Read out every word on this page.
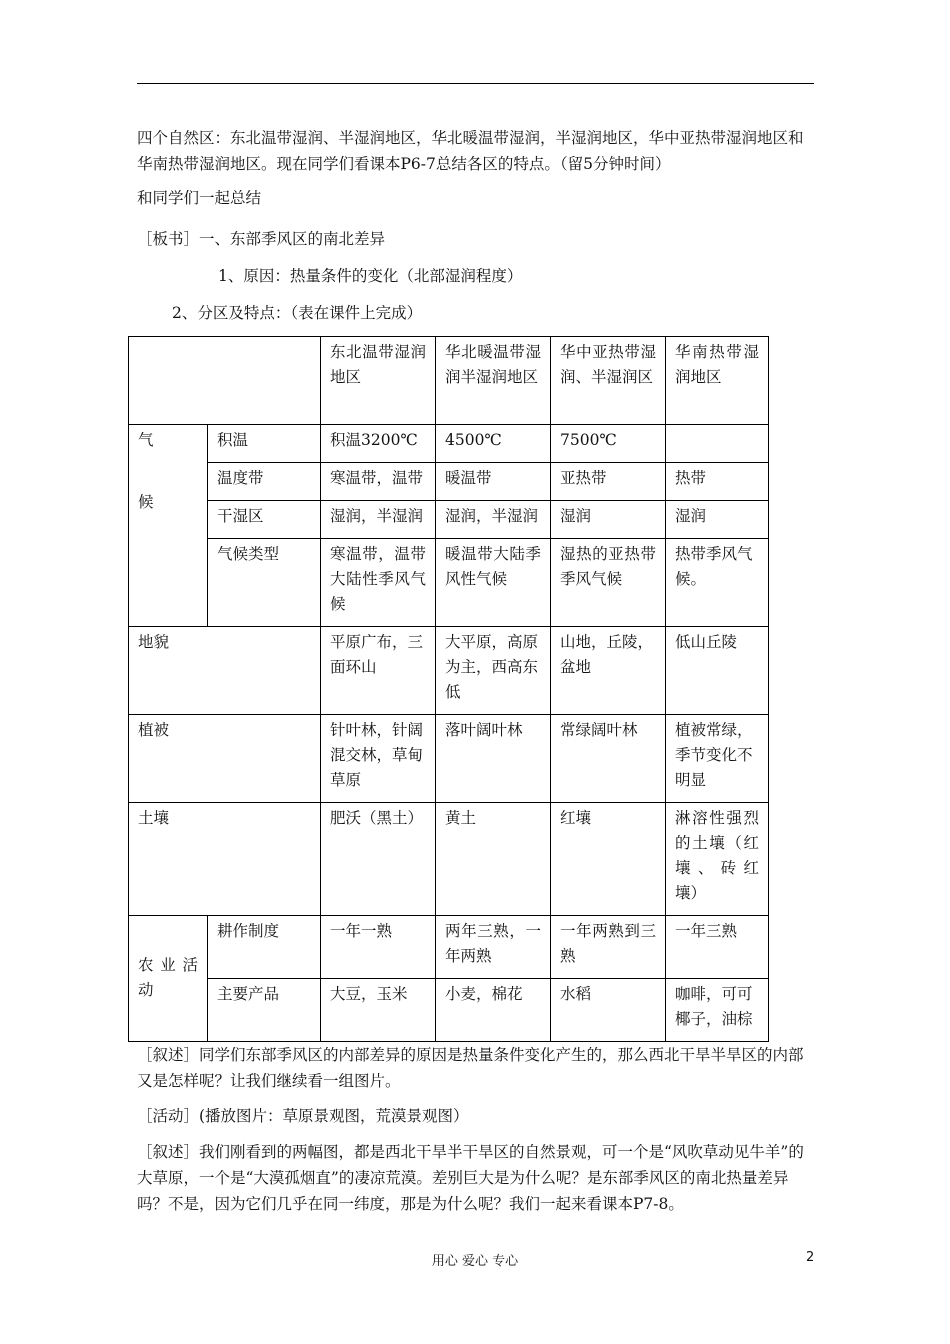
四个自然区：东北温带湿润、半湿润地区，华北暖温带湿润，半湿润地区，华中亚热带湿润地区和华南热带湿润地区。现在同学们看课本P6-7总结各区的特点。（留5分钟时间）
和同学们一起总结
［板书］一、东部季风区的南北差异
1、原因：热量条件的变化（北部湿润程度）
2、分区及特点：（表在课件上完成）
		东北温带湿润地区	华北暖温带湿润半湿润地区	华中亚热带湿润、半湿润区	华南热带湿润地区

气
候	积温	积温3200℃	4500℃	7500℃	
	温度带	寒温带，温带	暖温带	亚热带	热带
	干湿区	湿润，半湿润	湿润，半湿润	湿润	湿润
	气候类型	寒温带，温带大陆性季风气候	暖温带大陆季风性气候	湿热的亚热带季风气候	热带季风气候。
地貌		平原广布，三面环山	大平原，高原为主，西高东低	山地，丘陵，盆地	低山丘陵
植被		针叶林，针阔混交林，草甸草原	落叶阔叶林	常绿阔叶林	植被常绿，季节变化不明显
土壤		肥沃（黑土）	黄土	红壤	淋溶性强烈的土壤（红壤、砖红壤）
农业活动	耕作制度	一年一熟	两年三熟，一年两熟	一年两熟到三熟	一年三熟
	主要产品	大豆，玉米	小麦，棉花	水稻	咖啡，可可椰子，油棕
［叙述］同学们东部季风区的内部差异的原因是热量条件变化产生的，那么西北干旱半旱区的内部又是怎样呢？让我们继续看一组图片。
［活动］(播放图片：草原景观图，荒漠景观图）
［叙述］我们刚看到的两幅图，都是西北干旱半干旱区的自然景观，可一个是“风吹草动见牛羊”的大草原，一个是“大漠孤烟直”的凄凉荒漠。差别巨大是为什么呢？是东部季风区的南北热量差异吗？不是，因为它们几乎在同一纬度，那是为什么呢？我们一起来看课本P7-8。
用心 爱心 专心	2
